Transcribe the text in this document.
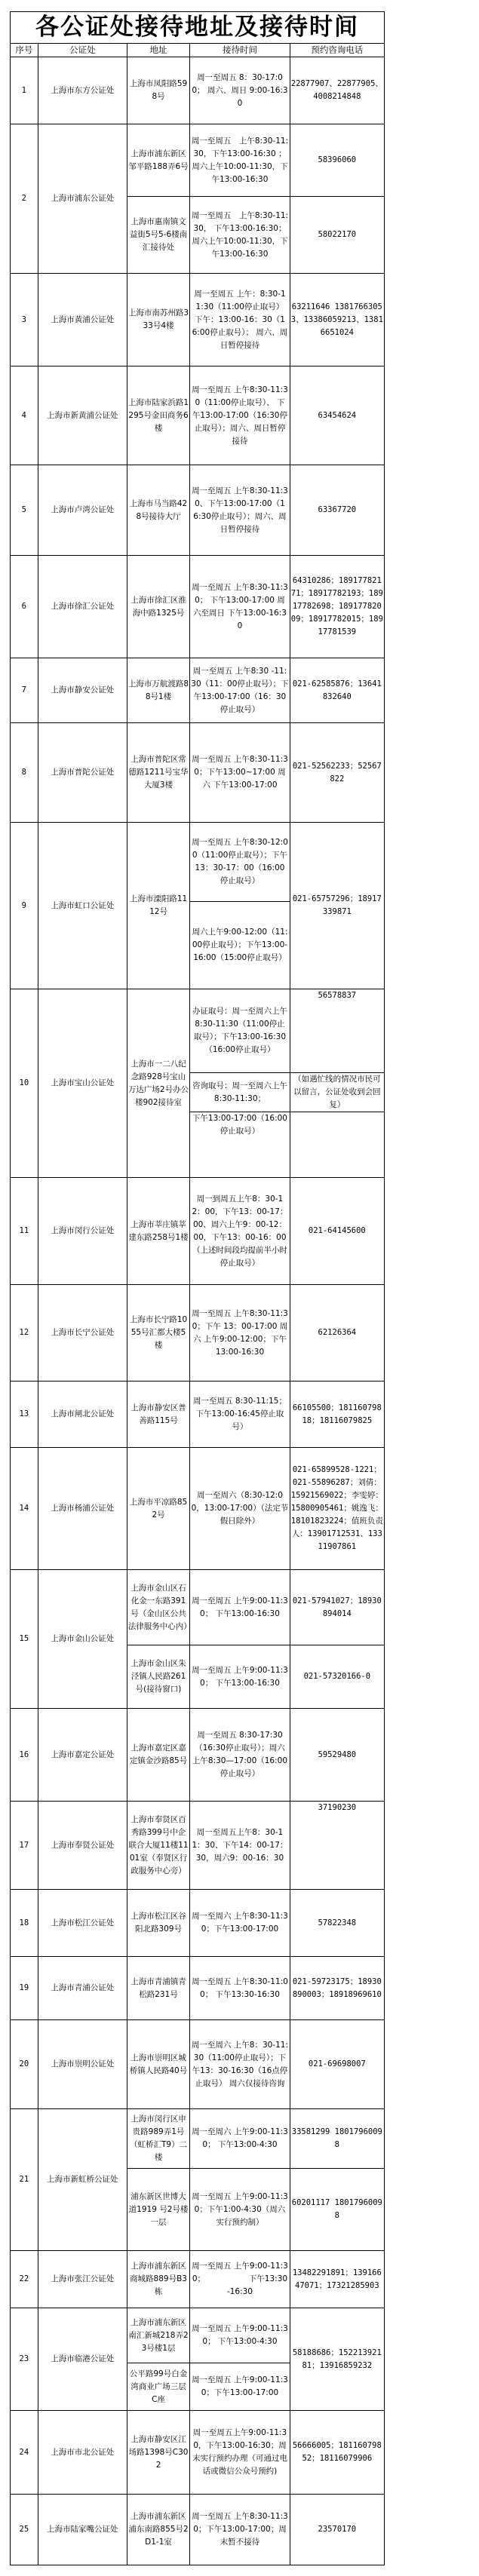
各公证处接待地址及接待时间				
序号	公证处	地址	接待时间	预约咨询电话
1	上海市东方公证处	上海市凤阳路598号	周一至周五 8：30-17:00； 周六、周日 9:00-16:30	22877907、22877905、4008214848
2	上海市浦东公证处	上海市浦东新区邹平路188弄6号	周一至周五　上午8:30-11:30，下午13:00-16:30 ；周六上午10:00-11:30，下午13:00-16:30	58396060
		上海市惠南镇文益街5号5-6楼南汇接待处	周一至周五　上午8:30-11:30， 下午13:00-16:30；周六上午10:00-11:30，下午13:00-16:30	58022170
3	上海市黄浦公证处	上海市南苏州路333号4楼	周一至周五 上午：8:30-11:30（11:00停止取号） 下午：13:00-16：30（16:00停止取号）； 周六、周日暂停接待	63211646 13817663053、13386059213、13816651024
4	上海市新黄浦公证处	上海市陆家浜路1295号金田商务6楼	周一至周五 上午8:30-11:30（11:00停止取号）、 下午13:00-17:00（16:30停止取号）；周六、周日暂停接待	63454624
5	上海市卢湾公证处	上海市马当路428号接待大厅	周一至周五 上午8:30-11:30、下午13:00-17:00（16:30停止取号）；周六、周日暂停接待	63367720
6	上海市徐汇公证处	上海市徐汇区淮海中路1325号	周一至周五 上午8:30-11:30； 下午13:00-17:00 周六至周日 下午13:00-16:30	64310286；18917782171；18917782193；18917782698；18917782009；18917782015；18917781539
7	上海市静安公证处	上海市万航渡路88号1楼	周一至周五 上午8:30 -11:30（11：00停止取号）；下午13:00-17:00（16：30停止取号）	021-62585876；13641832640
8	上海市普陀公证处	上海市普陀区常德路1211号宝华大厦3楼	周一至周五 上午8:30-11:30；下午13:00~17:00 周六 下午13:00-17:00	021-52562233；52567822
9	上海市虹口公证处	上海市溧阳路1112号	周一至周五 上午8:30-12:00（11:00停止取号）；下午13：30-17：00（16:00停止取号）	021-65757296；18917339871
			周六上午9:00-12:00（11:00停止取号）；下午13:00-16:00（15:00停止取号）	
10	上海市宝山公证处	上海市一二八纪念路928号宝山万达广场2号办公楼902接待室	办证取号：周一至周六上午8:30-11:30（11:00停止取号）；下午13:00-16:30（16:00停止取号）	56578837
			咨询取号：周一至周六上午8:30-11:30；	（如遇忙线的情况市民可以留言，公证处收到会回复）
			下午13:00-17:00（16:00停止取号）	
11	上海市闵行公证处	上海市莘庄镇莘建东路258号1楼	周一到周五上午8：30-12：00，下午13：00-17：00、周六上午9：00-12：00，下午13：00-16：00（上述时间段均提前半小时停止取号）	021-64145600
12	上海市长宁公证处	上海市长宁路1055号汇都大楼5楼	周一至周五 上午8:30-11:30；下午 13：00-17:00 周六 上午9:00-12:00；下午13:00-16:30	62126364
13	上海市闸北公证处	上海市静安区普善路115号	周一至周五 8:30-11:15；下午13:00-16:45停止取号）	66105500；18116079818；18116079825
14	上海市杨浦公证处	上海市平凉路852号	周一至周六（8:30-12:00，13:00-17:00）（法定节假日除外）	021-65899528-1221；021-55896287；刘倩：15921569022；李雯婷：15800905461；姚逸飞：18101823224；值班负责人：13901712531、13311907861
15	上海市金山公证处	上海市金山区石化金一东路391号（金山区公共法律服务中心内）	周一至周五 上午9:00-11:30； 下午13:00-16:30	021-57941027；18930894014
		上海市金山区朱泾镇人民路261号(接待窗口)	周一至周五 上午9:00-11:30； 下午13:00-16:30	021-57320166-0
16	上海市嘉定公证处	上海市嘉定区嘉定镇金沙路85号	周一至周五 8:30-17:30（16:30停止取号）；周六 上午8:30—17:00（16:00停止取号）	59529480
17	上海市奉贤公证处	上海市奉贤区百秀路399号中企联合大厦11楼1101室（奉贤区行政服务中心旁）	周一至周五上午8：30-11：30、下午14：00-17：30，周六9：00-16：30	37190230
18	上海市松江公证处	上海市松江区谷阳北路309号	周一至周六 上午8:30-11:30；下午13:00-17:00	57822348
19	上海市青浦公证处	上海市青浦镇青松路231号	周一至周五 上午8:30-11:00； 下午13:30-16:30	021-59723175；18930890003；18918969610
20	上海市崇明公证处	上海市崇明区城桥镇人民路40号	周一至周六 上午8：30-11:30（11:00停止取号）；下午13：30-16:30（16点停止取号） 周六仅接待咨询	021-69698007
21	上海市新虹桥公证处	上海市闵行区申贵路989弄1号（虹桥汇T9）二楼	周一至周六 上午9:00-11:30； 下午13:00-4:30	33581299 18017960098
		浦东新区世博大道1919 号2号楼一层	周一至周五 上午9:00-11:30；下午1:00-4:30（周六实行预约制）	60201117 18017960098
22	上海市张江公证处	上海市浦东新区商城路889号B3栋	周一至周五 上午9:00-11:30；　　　　　　下午13:30-16:30	13482291891；13916647071；17321285903
23	上海市临港公证处	上海市浦东新区南汇新城218弄23号楼1层	周一至周五 上午9:00-11:30； 下午13:00-4:30	58188686；15221392181；13916859232
		公平路99号白金湾商业广场三层C座	周一至周五 上午9:00-11:30；下午13:00-17:00	
24	上海市市北公证处	上海市静安区江场路1398号C302	周一至周五上午9:00-11:30，下午13:00-16:30；周末实行预约办理（可通过电话或微信公众号预约)	56666005；18116079852；18116079906
25	上海市陆家嘴公证处	上海市浦东新区浦东南路855号2D1-1室	周一至周五 上午8:30-11:30；下午13:00-17:00；周末暂不接待	23570170
